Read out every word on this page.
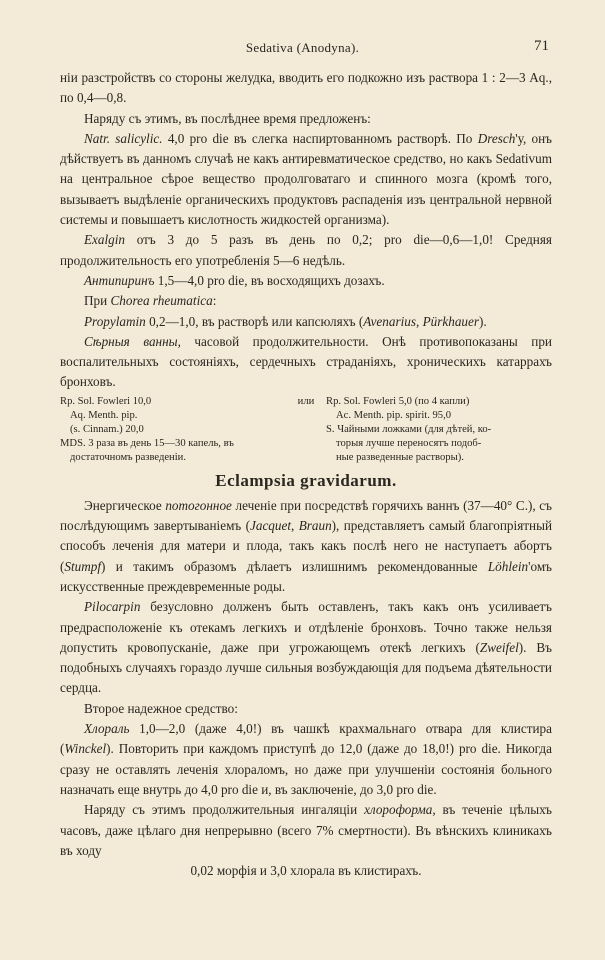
Sedativa (Anodyna).	71

нiи разстройствъ со стороны желудка, вводить его подкожно изъ раствора 1 : 2—3 Aq., по 0,4—0,8.

Наряду съ этимъ, въ послѣднее время предложенъ:

Natr. salicylic. 4,0 pro die въ слегка наспиртованномъ растворѣ. По Dresch'у, онъ дѣйствуетъ въ данномъ случаѣ не какъ антиревматическое средство, но какъ Sedativum на центральное сѣрое вещество продолговатаго и спинного мозга (кромѣ того, вызываетъ выдѣленiе органическихъ продуктовъ распаденiя изъ центральной нервной системы и повышаетъ кислотность жидкостей организма).

Exalgin отъ 3 до 5 разъ въ день по 0,2; pro die—0,6—1,0! Средняя продолжительность его употребленiя 5—6 недѣль.

Антипиринъ 1,5—4,0 pro die, въ восходящихъ дозахъ.

При Chorea rheumatica:

Propylamin 0,2—1,0, въ растворѣ или капсюляхъ (Avenarius, Pürkhauer).

Сѣрныя ванны, часовой продолжительности. Онѣ противопоказаны при воспалительныхъ состоянiяхъ, сердечныхъ страданiяхъ, хроническихъ катаррахъ бронховъ.

Rp. Sol. Fowleri 10,0
Aq. Menth. pip.
(s. Cinnam.) 20,0
MDS. 3 раза въ день 15—30 капель, въ
достаточномъ разведенiи.
или	Rp. Sol. Fowleri 5,0 (по 4 капли)
Ac. Menth. pip. spirit. 95,0
S. Чайными ложками (для дѣтей, ко-
торыя лучше переносятъ подоб-
ные разведенные растворы).
Eclampsia gravidarum.

Энергическое потогонное леченiе при посредствѣ горячихъ ваннъ (37—40° C.), съ послѣдующимъ завертыванiемъ (Jacquet, Braun), представляетъ самый благопрiятный способъ леченiя для матери и плода, такъ какъ послѣ него не наступаетъ абортъ (Stumpf) и такимъ образомъ дѣлаетъ излишнимъ рекомендованные Löhlein'омъ искусственные преждевременные роды.

Pilocarpin безусловно долженъ быть оставленъ, такъ какъ онъ усиливаетъ предрасположенiе къ отекамъ легкихъ и отдѣленiе бронховъ. Точно также нельзя допустить кровопусканiе, даже при угрожающемъ отекѣ легкихъ (Zweifel). Въ подобныхъ случаяхъ гораздо лучше сильныя возбуждающiя для подъема дѣятельности сердца.

Второе надежное средство:

Хлораль 1,0—2,0 (даже 4,0!) въ чашкѣ крахмальнаго отвара для клистира (Winckel). Повторить при каждомъ приступѣ до 12,0 (даже до 18,0!) pro die. Никогда сразу не оставлять леченiя хлораломъ, но даже при улучшенiи состоянiя больного назначать еще внутрь до 4,0 pro die и, въ заключенiе, до 3,0 pro die.

Наряду съ этимъ продолжительныя ингаляцiи хлороформа, въ теченiе цѣлыхъ часовъ, даже цѣлаго дня непрерывно (всего 7% смертности). Въ вѣнскихъ клиникахъ въ ходу

0,02 морфiя и 3,0 хлорала въ клистирахъ.
